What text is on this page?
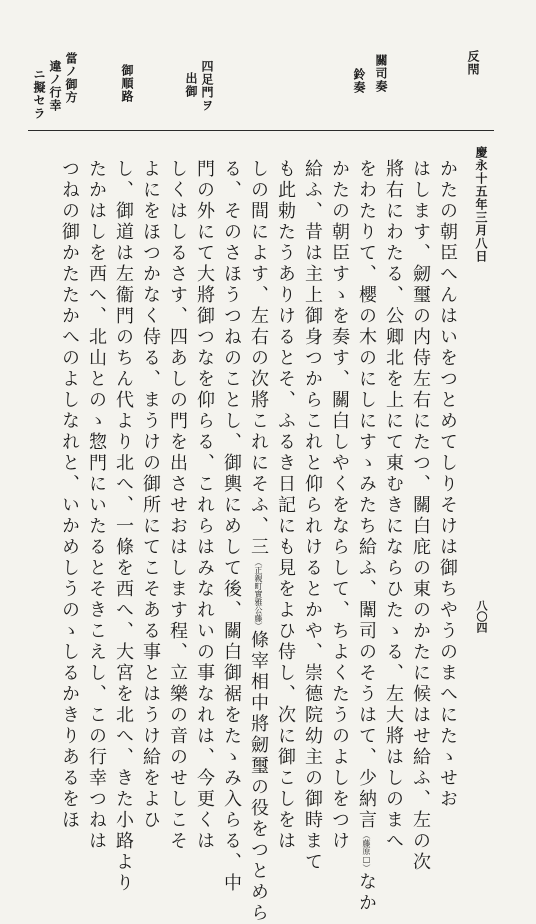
反閇
關司奏
鈴奏
四足門ヲ
出御
御順路
當ノ御方
違ノ行幸
ニ擬セラ
慶永十五年三月八日
八〇四
かたの朝臣へんはいをつとめてしりそけは御ちやうのまへにたゝせお
はします、劒璽の内侍左右にたつ、關白庇の東のかたに候はせ給ふ、左の次
將右にわたる、公卿北を上にて東むきにならひたゝる、左大將はしのまへ
をわたりて、櫻の木のにしにすゝみたち給ふ、闈司のそうはて、少納言（藤原□）なか
かたの朝臣すゝを奏す、關白しやくをならして、ちよくたうのよしをつけ
給ふ、昔は主上御身つからこれと仰られけるとかや、崇德院幼主の御時まて
も此勅たうありけるとそ、ふるき日記にも見をよひ侍し、次に御こしをは
しの間によす、左右の次將これにそふ、三（正親町實雅公藤）條宰相中將劒璽の役をつとめら
る、そのさほうつねのことし、御輿にめして後、關白御裾をたゝみ入らる、中
門の外にて大將御つなを仰らる、これらはみなれいの事なれは、今更くは
しくはしるさす、四あしの門を出させおはします程、立樂の音のせしこそ
よにをほつかなく侍る、まうけの御所にてこそある事とはうけ給をよひ
し、御道は左衞門のちん代より北へ、一條を西へ、大宮を北へ、きた小路より
たかはしを西へ、北山とのゝ惣門にいたるとそきこえし、この行幸つねは
つねの御かたたかへのよしなれと、いかめしうのゝしるかきりあるをほ
